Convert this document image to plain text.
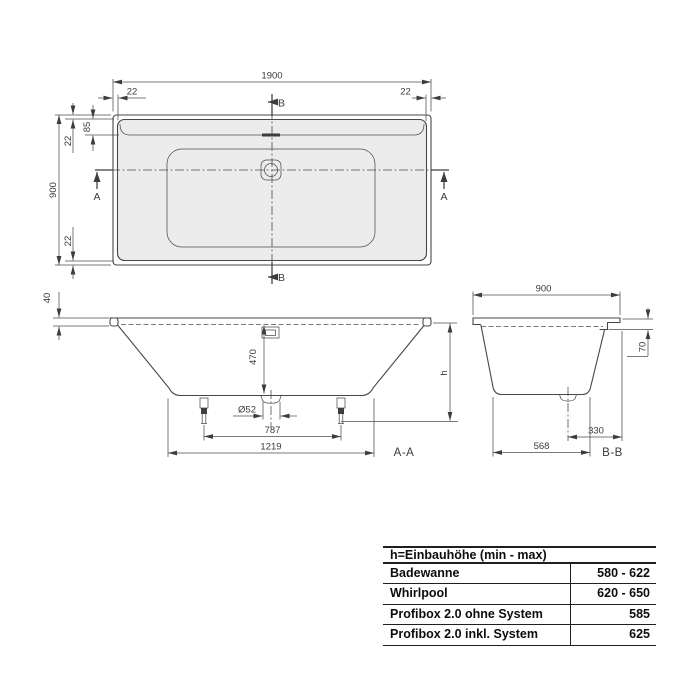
B
B
A	A
1900
22	22
900
22
85
22
40
470
h
Ø52
787
1219	A-A
900
70
330
568
B-B
h=Einbauhöhe (min - max)
Badewanne	580 - 622
Whirlpool	620 - 650
Profibox 2.0 ohne System	585
Profibox 2.0 inkl. System	625
